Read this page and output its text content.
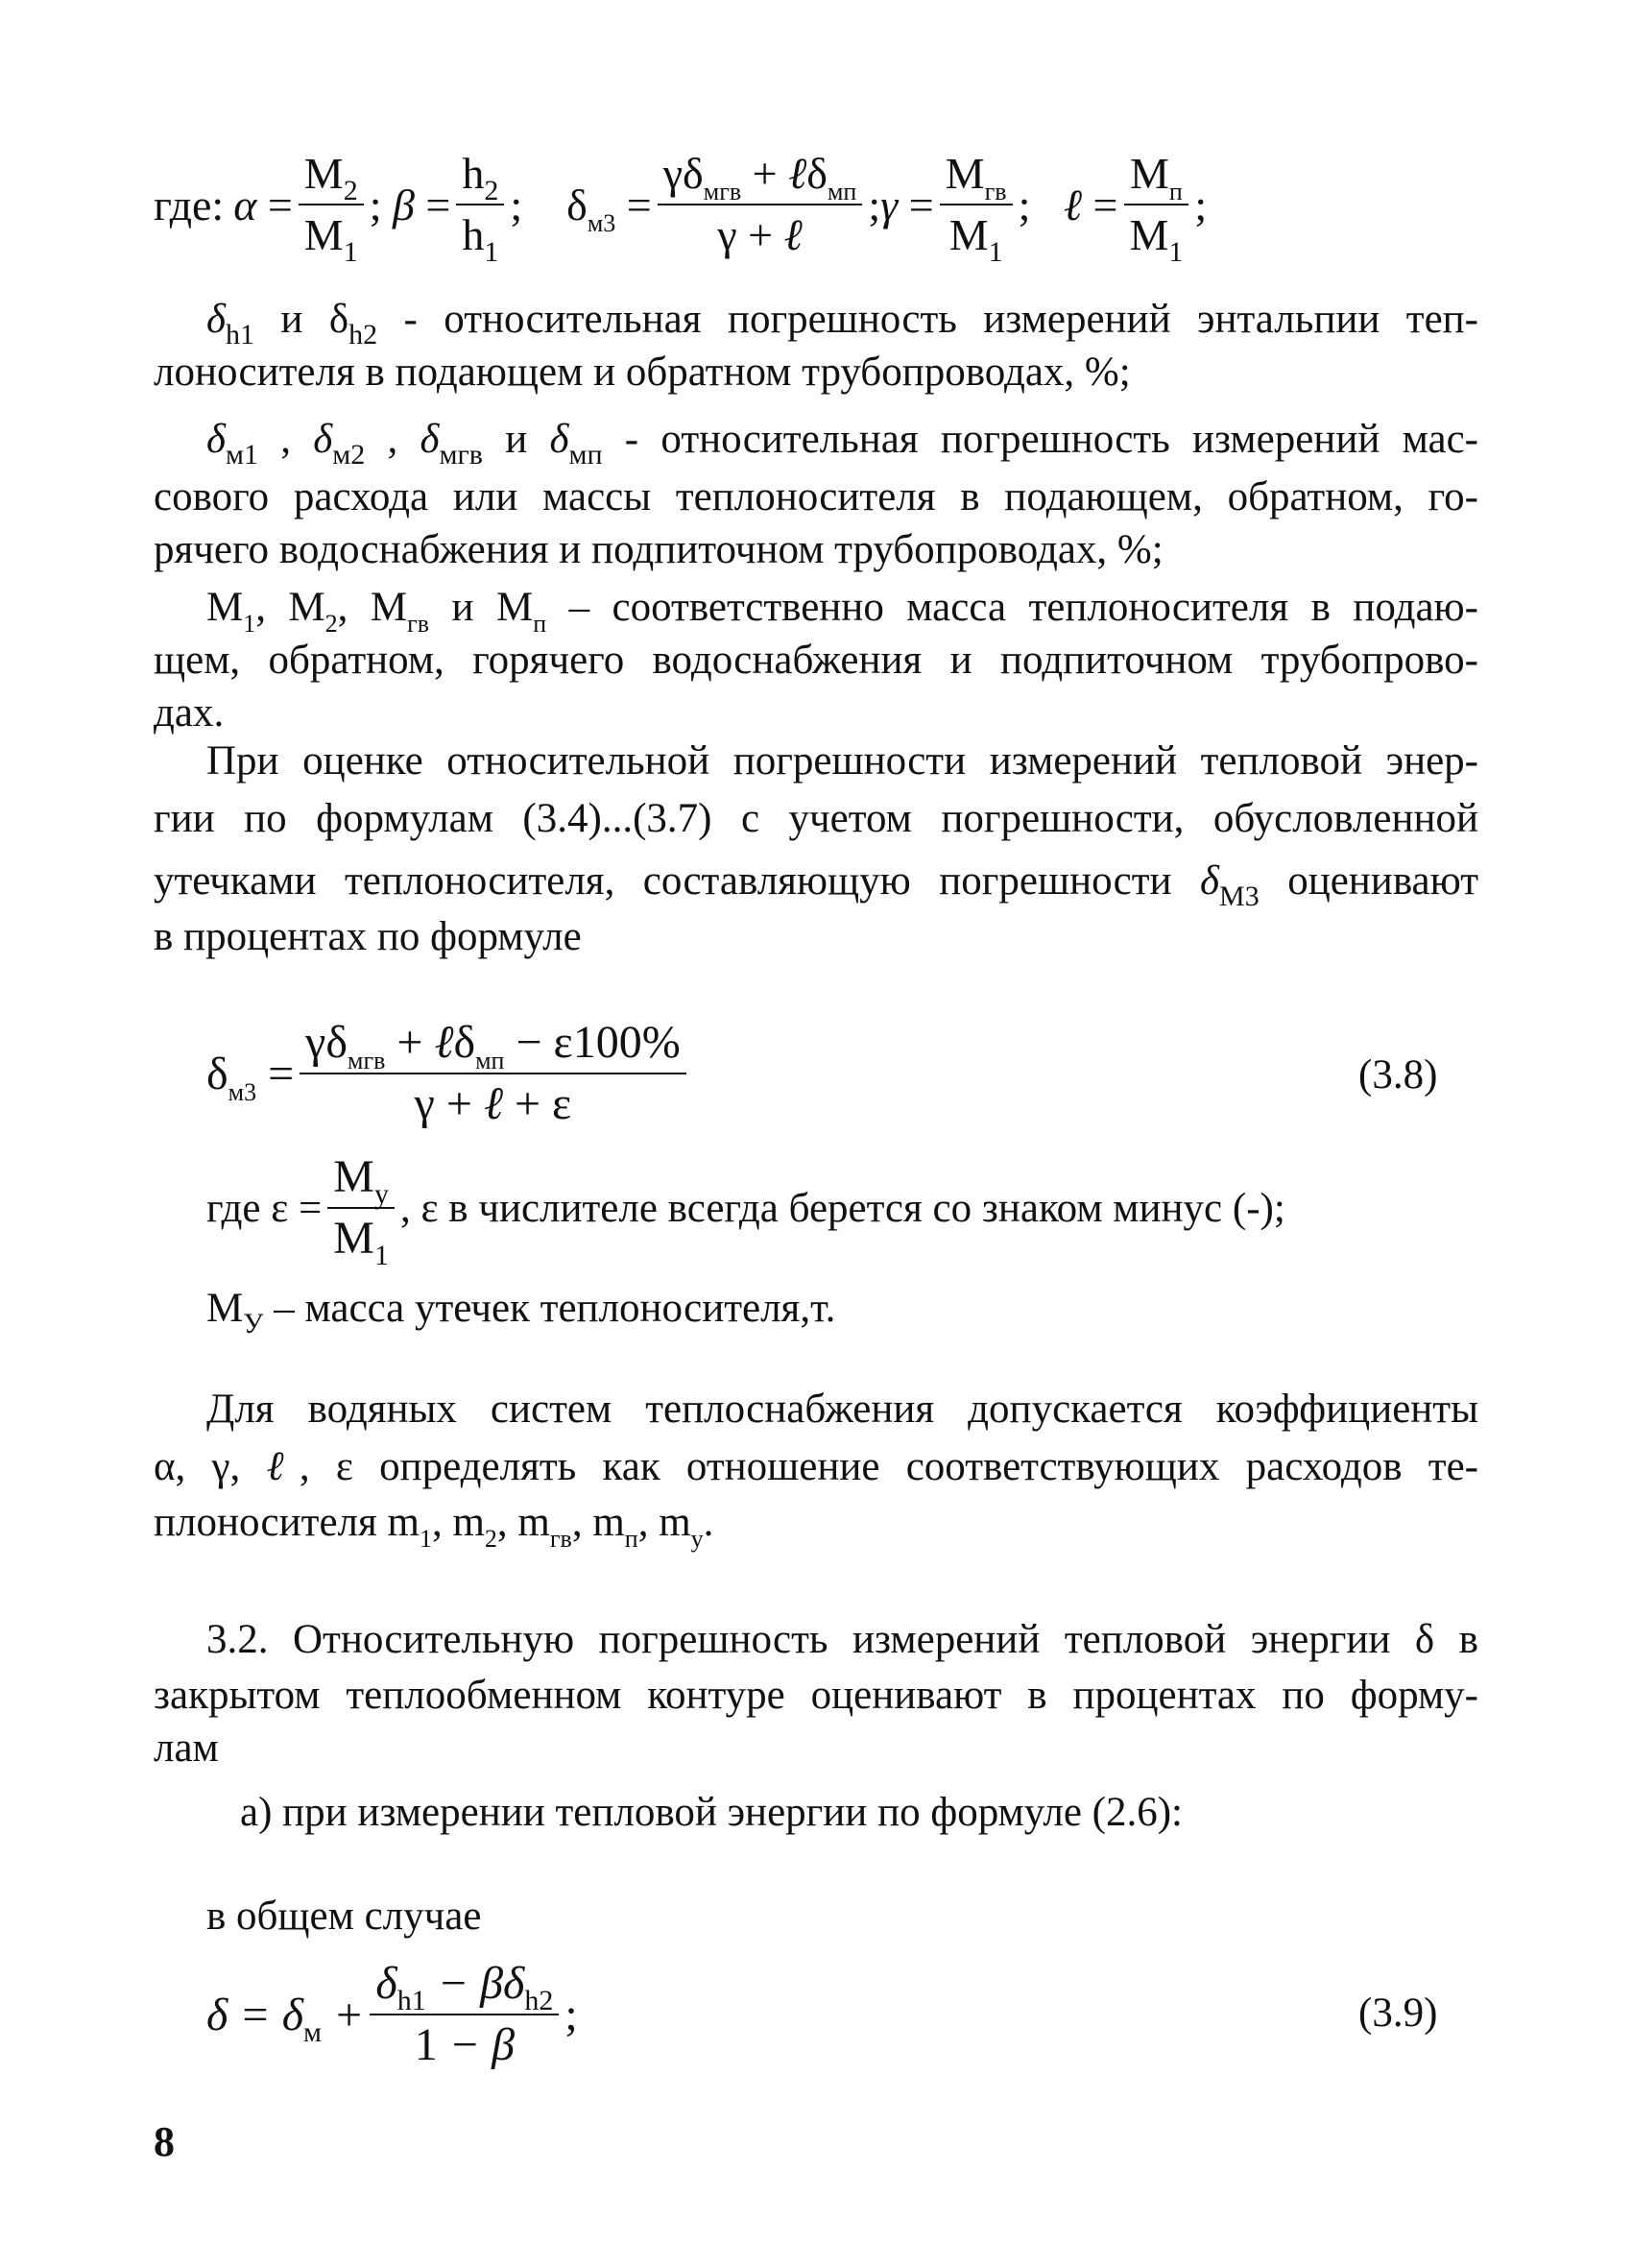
где: $\alpha = \frac{M_2}{M_1}$ ; $\beta = \frac{h_2}{h_1}$ ;    $\delta_{м3} = \frac{\gamma\delta_{мгв} + \ell\delta_{мп}}{\text{γ + ℓ}}$ ; $\gamma = \frac{M_{гв}}{M_1}$ ; ℓ = $\frac{M_п}{M_1}$ ;
$\delta_{h1}$ и $\delta_{h2}$ - относительная погрешность измерений энтальпии теп-
лоносителя в подающем и обратном трубопроводах, %;
$\delta_{м1}$ , $\delta_{м2}$ , $\delta_{мгв}$ и $\delta_{мп}$ - относительная погрешность измерений мас-
сового расхода или массы теплоносителя в подающем, обратном, го-
рячего водоснабжения и подпиточном трубопроводах, %;
$M_1$, $M_2$, $M_{гв}$ и $M_п$ – соответственно масса теплоносителя в подаю-
щем, обратном, горячего водоснабжения и подпиточном трубопрово-
дах.
При оценке относительной погрешности измерений тепловой энер-
гии по формулам (3.4)...(3.7) с учетом погрешности, обусловленной
утечками теплоносителя, составляющую погрешности $\delta_{М3}$ оценивают
в процентах по формуле
$\delta_{м3} = \frac{\gamma\delta_{мгв} + \ell\delta_{мп} - \varepsilon 100\%}{\text{γ + ℓ + ε}}$	(3.8)
где $\varepsilon = \frac{M_y}{M_1}$ , ε в числителе всегда берется со знаком минус (-);
$M_У$ – масса утечек теплоносителя,т.
Для водяных систем теплоснабжения допускается коэффициенты
α, γ, ℓ, ε определять как отношение соответствующих расходов те-
плоносителя $m_1$, $m_2$, $m_{гв}$, $m_п$, $m_у$.
3.2. Относительную погрешность измерений тепловой энергии δ в
закрытом теплообменном контуре оценивают в процентах по форму-
лам
а) при измерении тепловой энергии по формуле (2.6):
в общем случае
$\delta = \delta_м + \frac{\delta_{h1} - \beta\delta_{h2}}{1 - \beta}$ ;	(3.9)
8
